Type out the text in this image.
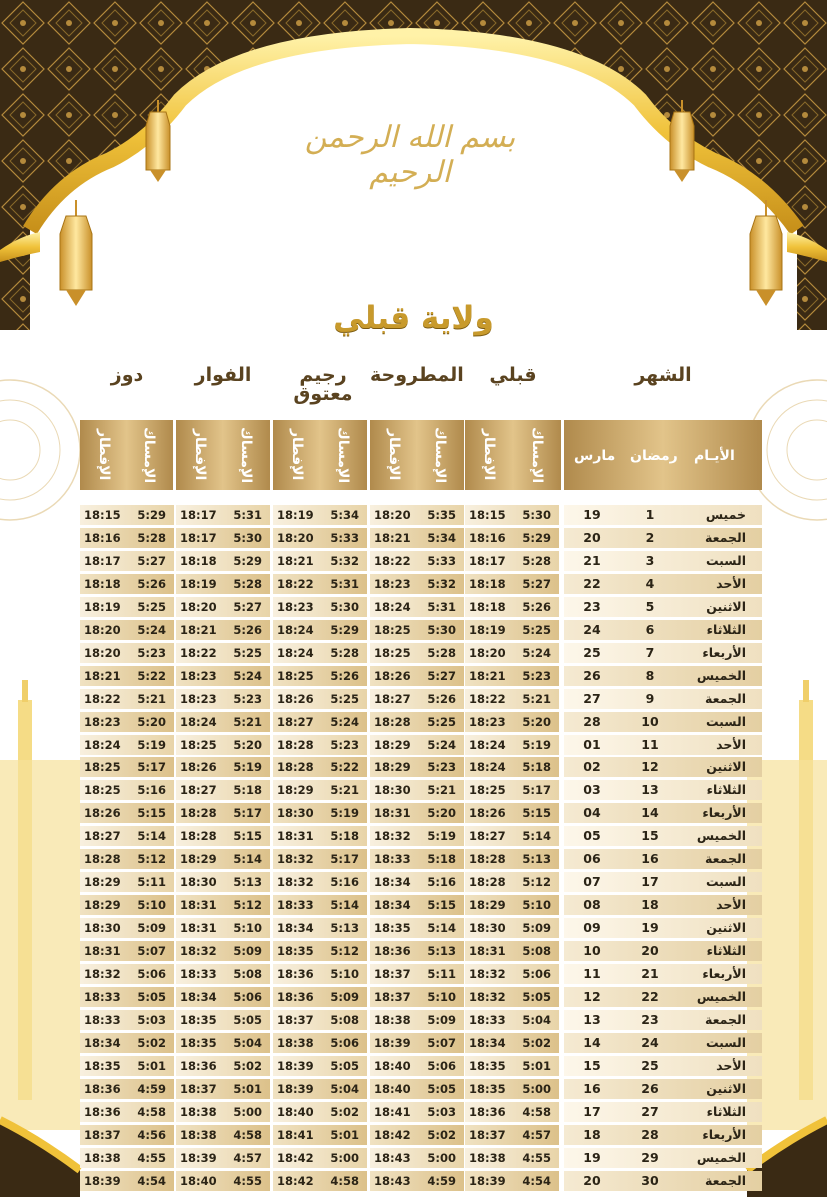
بسم الله الرحمن الرحيم
ولاية قبلي
الشهر
قبلي
المطروحة
رجيم معتوق
الفوار
دوز
الأيـام
رمضان
مارس
الإمساك
الإفطار
الإمساك
الإفطار
الإمساك
الإفطار
الإمساك
الإفطار
الإمساك
الإفطار
خميس
1
19
5:30
18:15
5:35
18:20
5:34
18:19
5:31
18:17
5:29
18:15
الجمعة
2
20
5:29
18:16
5:34
18:21
5:33
18:20
5:30
18:17
5:28
18:16
السبت
3
21
5:28
18:17
5:33
18:22
5:32
18:21
5:29
18:18
5:27
18:17
الأحد
4
22
5:27
18:18
5:32
18:23
5:31
18:22
5:28
18:19
5:26
18:18
الاثنين
5
23
5:26
18:18
5:31
18:24
5:30
18:23
5:27
18:20
5:25
18:19
الثلاثاء
6
24
5:25
18:19
5:30
18:25
5:29
18:24
5:26
18:21
5:24
18:20
الأربعاء
7
25
5:24
18:20
5:28
18:25
5:28
18:24
5:25
18:22
5:23
18:20
الخميس
8
26
5:23
18:21
5:27
18:26
5:26
18:25
5:24
18:23
5:22
18:21
الجمعة
9
27
5:21
18:22
5:26
18:27
5:25
18:26
5:23
18:23
5:21
18:22
السبت
10
28
5:20
18:23
5:25
18:28
5:24
18:27
5:21
18:24
5:20
18:23
الأحد
11
01
5:19
18:24
5:24
18:29
5:23
18:28
5:20
18:25
5:19
18:24
الاثنين
12
02
5:18
18:24
5:23
18:29
5:22
18:28
5:19
18:26
5:17
18:25
الثلاثاء
13
03
5:17
18:25
5:21
18:30
5:21
18:29
5:18
18:27
5:16
18:25
الأربعاء
14
04
5:15
18:26
5:20
18:31
5:19
18:30
5:17
18:28
5:15
18:26
الخميس
15
05
5:14
18:27
5:19
18:32
5:18
18:31
5:15
18:28
5:14
18:27
الجمعة
16
06
5:13
18:28
5:18
18:33
5:17
18:32
5:14
18:29
5:12
18:28
السبت
17
07
5:12
18:28
5:16
18:34
5:16
18:32
5:13
18:30
5:11
18:29
الأحد
18
08
5:10
18:29
5:15
18:34
5:14
18:33
5:12
18:31
5:10
18:29
الاثنين
19
09
5:09
18:30
5:14
18:35
5:13
18:34
5:10
18:31
5:09
18:30
الثلاثاء
20
10
5:08
18:31
5:13
18:36
5:12
18:35
5:09
18:32
5:07
18:31
الأربعاء
21
11
5:06
18:32
5:11
18:37
5:10
18:36
5:08
18:33
5:06
18:32
الخميس
22
12
5:05
18:32
5:10
18:37
5:09
18:36
5:06
18:34
5:05
18:33
الجمعة
23
13
5:04
18:33
5:09
18:38
5:08
18:37
5:05
18:35
5:03
18:33
السبت
24
14
5:02
18:34
5:07
18:39
5:06
18:38
5:04
18:35
5:02
18:34
الأحد
25
15
5:01
18:35
5:06
18:40
5:05
18:39
5:02
18:36
5:01
18:35
الاثنين
26
16
5:00
18:35
5:05
18:40
5:04
18:39
5:01
18:37
4:59
18:36
الثلاثاء
27
17
4:58
18:36
5:03
18:41
5:02
18:40
5:00
18:38
4:58
18:36
الأربعاء
28
18
4:57
18:37
5:02
18:42
5:01
18:41
4:58
18:38
4:56
18:37
الخميس
29
19
4:55
18:38
5:00
18:43
5:00
18:42
4:57
18:39
4:55
18:38
الجمعة
30
20
4:54
18:39
4:59
18:43
4:58
18:42
4:55
18:40
4:54
18:39
